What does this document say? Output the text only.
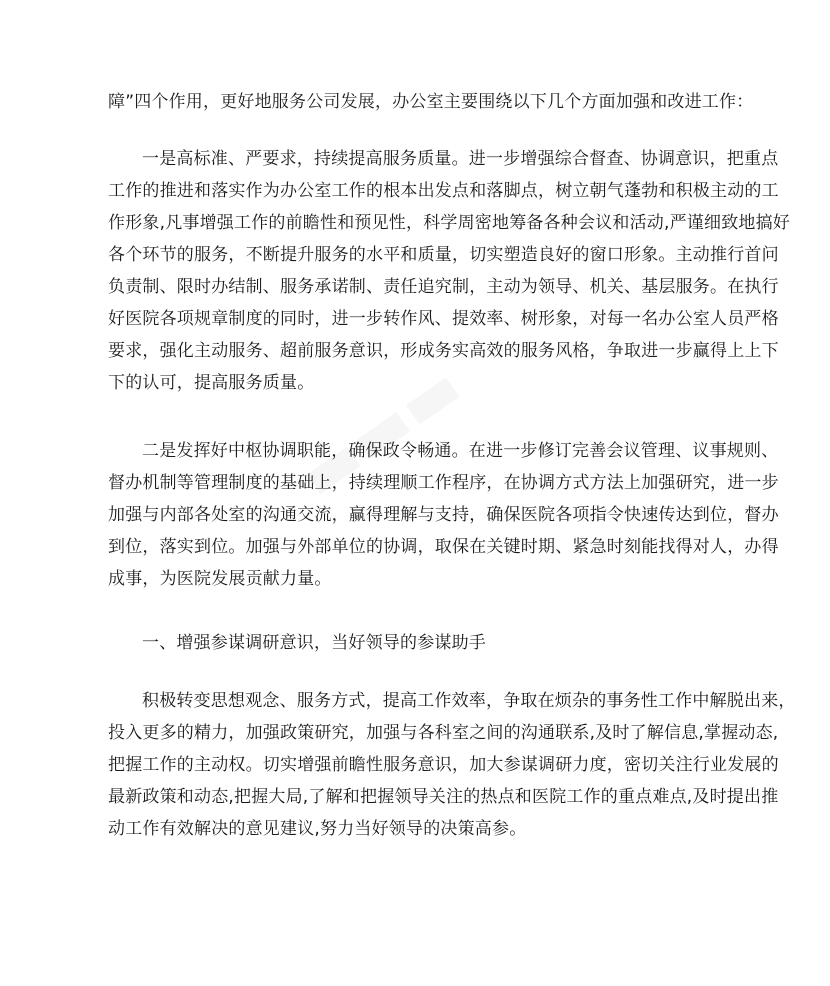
障”四个作用，更好地服务公司发展，办公室主要围绕以下几个方面加强和改进工作：
一是高标准、严要求，持续提高服务质量。进一步增强综合督查、协调意识，把重点
工作的推进和落实作为办公室工作的根本出发点和落脚点，树立朝气蓬勃和积极主动的工
作形象,凡事增强工作的前瞻性和预见性，科学周密地筹备各种会议和活动,严谨细致地搞好
各个环节的服务，不断提升服务的水平和质量，切实塑造良好的窗口形象。主动推行首问
负责制、限时办结制、服务承诺制、责任追究制，主动为领导、机关、基层服务。在执行
好医院各项规章制度的同时，进一步转作风、提效率、树形象，对每一名办公室人员严格
要求，强化主动服务、超前服务意识，形成务实高效的服务风格，争取进一步赢得上上下
下的认可，提高服务质量。
二是发挥好中枢协调职能，确保政令畅通。在进一步修订完善会议管理、议事规则、
督办机制等管理制度的基础上，持续理顺工作程序，在协调方式方法上加强研究，进一步
加强与内部各处室的沟通交流，赢得理解与支持，确保医院各项指令快速传达到位，督办
到位，落实到位。加强与外部单位的协调，取保在关键时期、紧急时刻能找得对人，办得
成事，为医院发展贡献力量。
一、增强参谋调研意识，当好领导的参谋助手
积极转变思想观念、服务方式，提高工作效率，争取在烦杂的事务性工作中解脱出来，
投入更多的精力，加强政策研究，加强与各科室之间的沟通联系,及时了解信息,掌握动态,
把握工作的主动权。切实增强前瞻性服务意识，加大参谋调研力度，密切关注行业发展的
最新政策和动态,把握大局,了解和把握领导关注的热点和医院工作的重点难点,及时提出推
动工作有效解决的意见建议,努力当好领导的决策高参。
